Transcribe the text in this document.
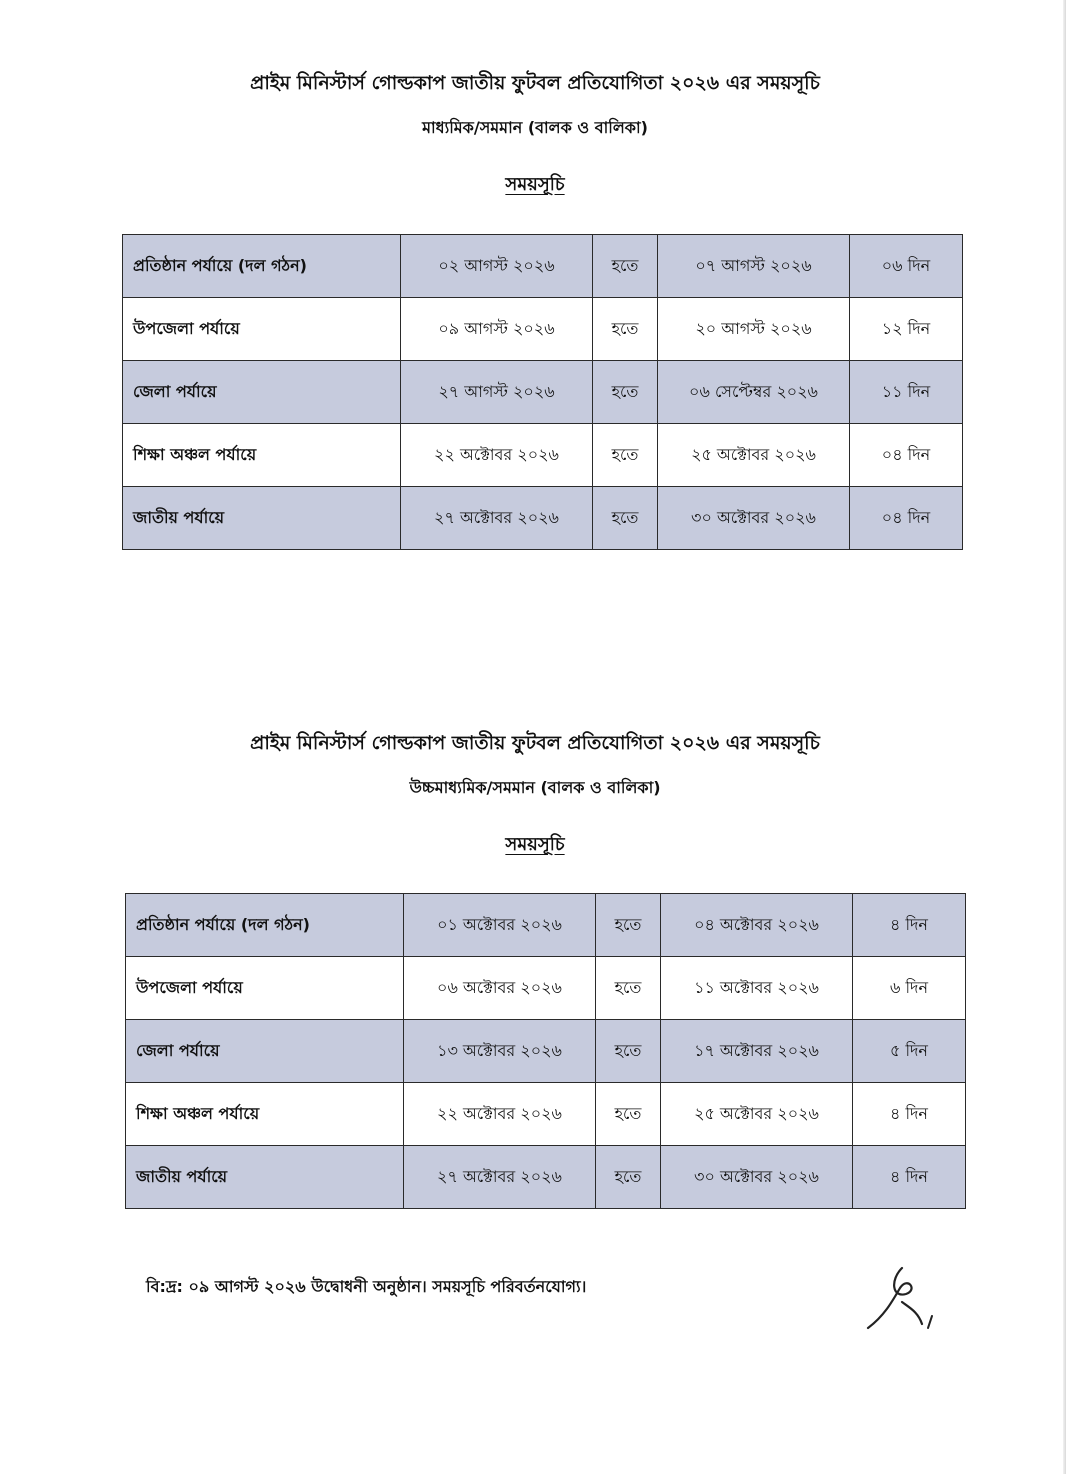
প্রাইম মিনিস্টার্স গোল্ডকাপ জাতীয় ফুটবল প্রতিযোগিতা ২০২৬ এর সময়সূচি
মাধ্যমিক/সমমান (বালক ও বালিকা)
সময়সূচি
প্রতিষ্ঠান পর্যায়ে (দল গঠন)	০২ আগস্ট ২০২৬	হতে	০৭ আগস্ট ২০২৬	০৬ দিন
উপজেলা পর্যায়ে	০৯ আগস্ট ২০২৬	হতে	২০ আগস্ট ২০২৬	১২ দিন
জেলা পর্যায়ে	২৭ আগস্ট ২০২৬	হতে	০৬ সেপ্টেম্বর ২০২৬	১১ দিন
শিক্ষা অঞ্চল পর্যায়ে	২২ অক্টোবর ২০২৬	হতে	২৫ অক্টোবর ২০২৬	০৪ দিন
জাতীয় পর্যায়ে	২৭ অক্টোবর ২০২৬	হতে	৩০ অক্টোবর ২০২৬	০৪ দিন
প্রাইম মিনিস্টার্স গোল্ডকাপ জাতীয় ফুটবল প্রতিযোগিতা ২০২৬ এর সময়সূচি
উচ্চমাধ্যমিক/সমমান (বালক ও বালিকা)
সময়সূচি
প্রতিষ্ঠান পর্যায়ে (দল গঠন)	০১ অক্টোবর ২০২৬	হতে	০৪ অক্টোবর ২০২৬	৪ দিন
উপজেলা পর্যায়ে	০৬ অক্টোবর ২০২৬	হতে	১১ অক্টোবর ২০২৬	৬ দিন
জেলা পর্যায়ে	১৩ অক্টোবর ২০২৬	হতে	১৭ অক্টোবর ২০২৬	৫ দিন
শিক্ষা অঞ্চল পর্যায়ে	২২ অক্টোবর ২০২৬	হতে	২৫ অক্টোবর ২০২৬	৪ দিন
জাতীয় পর্যায়ে	২৭ অক্টোবর ২০২৬	হতে	৩০ অক্টোবর ২০২৬	৪ দিন
বি:দ্র: ০৯ আগস্ট ২০২৬ উদ্বোধনী অনুষ্ঠান। সময়সূচি পরিবর্তনযোগ্য।
